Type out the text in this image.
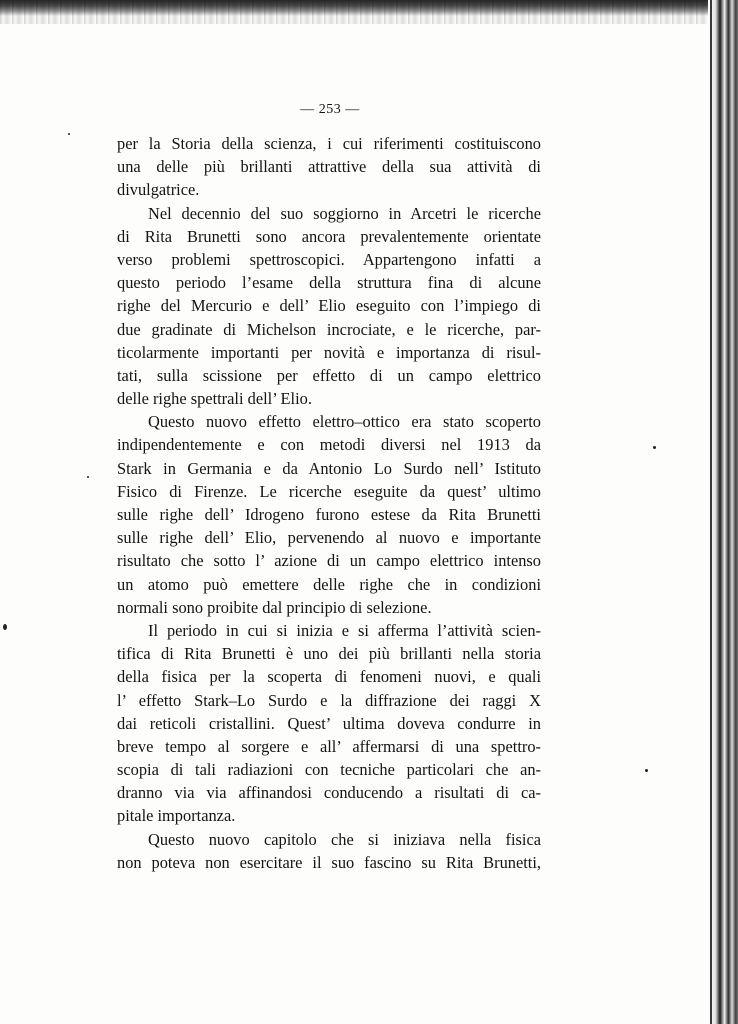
— 253 —
per la Storia della scienza, i cui riferimenti costituiscono
una delle più brillanti attrattive della sua attività di
divulgatrice.
Nel decennio del suo soggiorno in Arcetri le ricerche
di Rita Brunetti sono ancora prevalentemente orientate
verso problemi spettroscopici. Appartengono infatti a
questo periodo l’esame della struttura fina di alcune
righe del Mercurio e dell’ Elio eseguito con l’impiego di
due gradinate di Michelson incrociate, e le ricerche, par-
ticolarmente importanti per novità e importanza di risul-
tati, sulla scissione per effetto di un campo elettrico
delle righe spettrali dell’ Elio.
Questo nuovo effetto elettro–ottico era stato scoperto
indipendentemente e con metodi diversi nel 1913 da
Stark in Germania e da Antonio Lo Surdo nell’ Istituto
Fisico di Firenze. Le ricerche eseguite da quest’ ultimo
sulle righe dell’ Idrogeno furono estese da Rita Brunetti
sulle righe dell’ Elio, pervenendo al nuovo e importante
risultato che sotto l’ azione di un campo elettrico intenso
un atomo può emettere delle righe che in condizioni
normali sono proibite dal principio di selezione.
Il periodo in cui si inizia e si afferma l’attività scien-
tifica di Rita Brunetti è uno dei più brillanti nella storia
della fisica per la scoperta di fenomeni nuovi, e quali
l’ effetto Stark–Lo Surdo e la diffrazione dei raggi X
dai reticoli cristallini. Quest’ ultima doveva condurre in
breve tempo al sorgere e all’ affermarsi di una spettro-
scopia di tali radiazioni con tecniche particolari che an-
dranno via via affinandosi conducendo a risultati di ca-
pitale importanza.
Questo nuovo capitolo che si iniziava nella fisica
non poteva non esercitare il suo fascino su Rita Brunetti,
